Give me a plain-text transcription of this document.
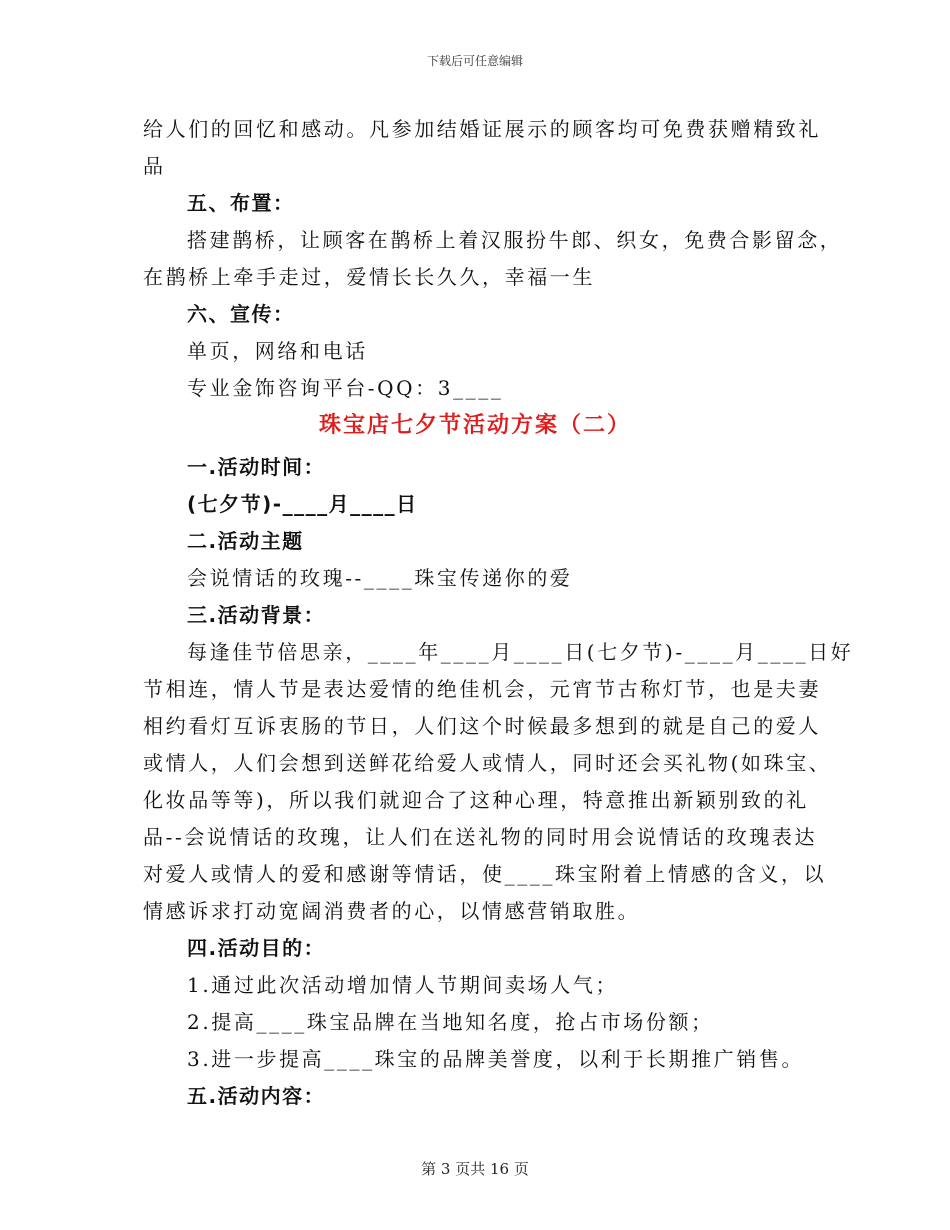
下载后可任意编辑
给人们的回忆和感动。凡参加结婚证展示的顾客均可免费获赠精致礼
品
五、布置：
搭建鹊桥，让顾客在鹊桥上着汉服扮牛郎、织女，免费合影留念，
在鹊桥上牵手走过，爱情长长久久，幸福一生
六、宣传：
单页，网络和电话
专业金饰咨询平台-QQ：3____
珠宝店七夕节活动方案（二）
一.活动时间：
(七夕节)-____月____日
二.活动主题
会说情话的玫瑰--____珠宝传递你的爱
三.活动背景：
每逢佳节倍思亲，____年____月____日(七夕节)-____月____日好
节相连，情人节是表达爱情的绝佳机会，元宵节古称灯节，也是夫妻
相约看灯互诉衷肠的节日，人们这个时候最多想到的就是自己的爱人
或情人，人们会想到送鲜花给爱人或情人，同时还会买礼物(如珠宝、
化妆品等等)，所以我们就迎合了这种心理，特意推出新颖别致的礼
品--会说情话的玫瑰，让人们在送礼物的同时用会说情话的玫瑰表达
对爱人或情人的爱和感谢等情话，使____珠宝附着上情感的含义，以
情感诉求打动宽阔消费者的心，以情感营销取胜。
四.活动目的：
1.通过此次活动增加情人节期间卖场人气；
2.提高____珠宝品牌在当地知名度，抢占市场份额；
3.进一步提高____珠宝的品牌美誉度，以利于长期推广销售。
五.活动内容：
第 3 页共 16 页
